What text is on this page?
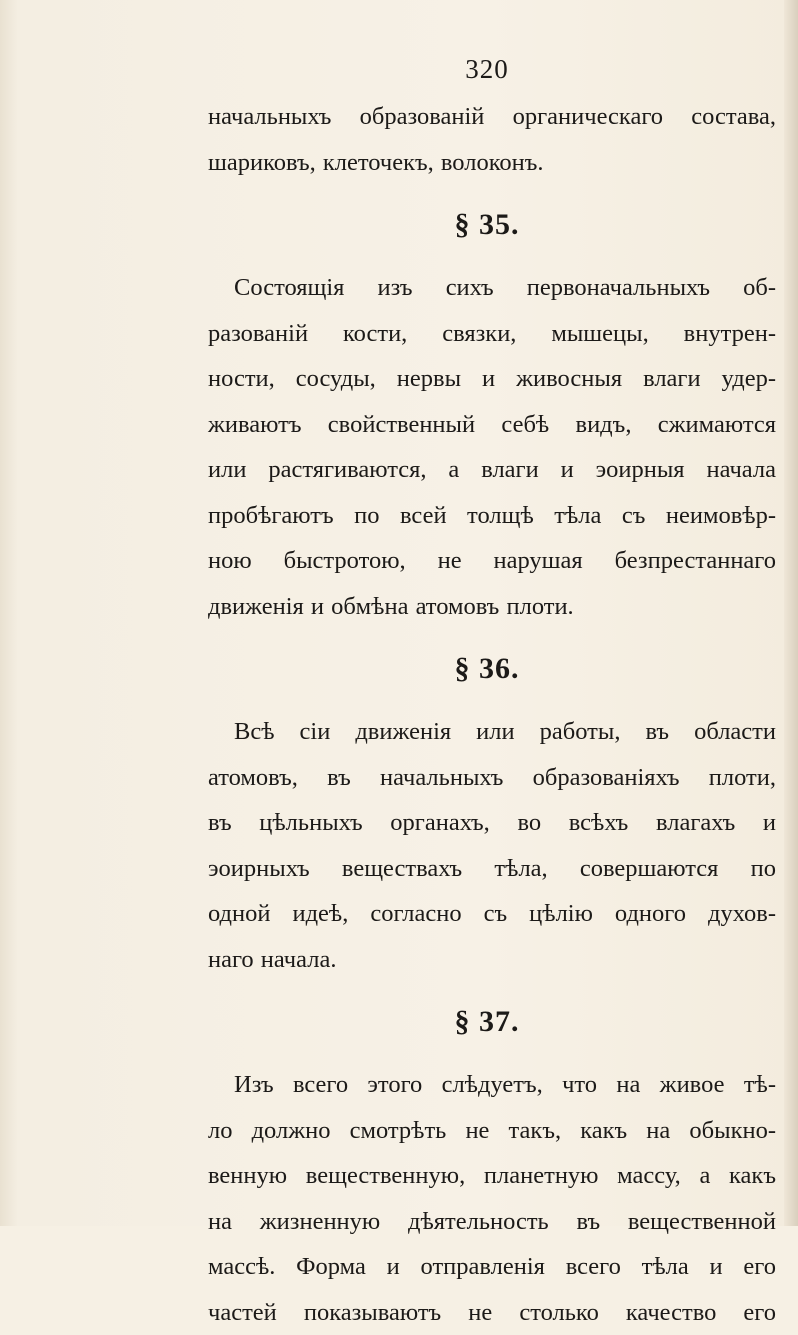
320
начальныхъ образованій органическаго состава,
шариковъ, клеточекъ, волоконъ.
§ 35.
Состоящія изъ сихъ первоначальныхъ об-
разованій кости, связки, мышецы, внутрен-
ности, сосуды, нервы и живосныя влаги удер-
живаютъ свойственный себѣ видъ, сжимаются
или растягиваются, а влаги и эоирныя начала
пробѣгаютъ по всей толщѣ тѣла съ неимовѣр-
ною быстротою, не нарушая безпрестаннаго
движенія и обмѣна атомовъ плоти.
§ 36.
Всѣ сіи движенія или работы, въ области
атомовъ, въ начальныхъ образованіяхъ плоти,
въ цѣльныхъ органахъ, во всѣхъ влагахъ и
эоирныхъ веществахъ тѣла, совершаются по
одной идеѣ, согласно съ цѣлію одного духов-
наго начала.
§ 37.
Изъ всего этого слѣдуетъ, что на живое тѣ-
ло должно смотрѣть не такъ, какъ на обыкно-
венную вещественную, планетную массу, а какъ
на жизненную дѣятельность въ вещественной
массѣ. Форма и отправленія всего тѣла и его
частей показываютъ не столько качество его
